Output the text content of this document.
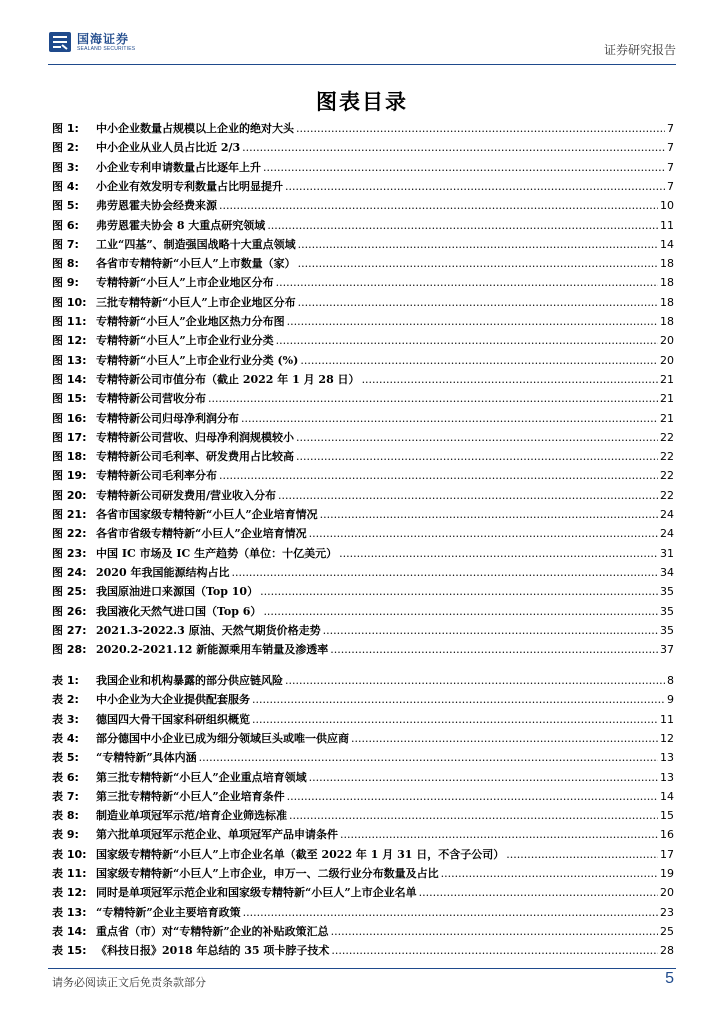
国海证券
SEALAND SECURITIES	证券研究报告
图表目录
图 1:	中小企业数量占规模以上企业的绝对大头 .....	7
图 2:	中小企业从业人员占比近 2/3 .....	7
图 3:	小企业专利申请数量占比逐年上升 .....	7
图 4:	小企业有效发明专利数量占比明显提升 .....	7
图 5:	弗劳恩霍夫协会经费来源 .....	10
图 6:	弗劳恩霍夫协会 8 大重点研究领域 .....	11
图 7:	工业“四基”、制造强国战略十大重点领域 .....	14
图 8:	各省市专精特新“小巨人”上市数量（家） .....	18
图 9:	专精特新“小巨人”上市企业地区分布 .....	18
图 10: 三批专精特新“小巨人”上市企业地区分布 .....	18
图 11: 专精特新“小巨人”企业地区热力分布图 .....	18
图 12: 专精特新“小巨人”上市企业行业分类 .....	20
图 13: 专精特新“小巨人”上市企业行业分类 (%) .....	20
图 14: 专精特新公司市值分布（截止 2022 年 1 月 28 日） .....	21
图 15: 专精特新公司营收分布 .....	21
图 16: 专精特新公司归母净利润分布 .....	21
图 17: 专精特新公司营收、归母净利润规模较小 .....	22
图 18: 专精特新公司毛利率、研发费用占比较高 .....	22
图 19: 专精特新公司毛利率分布 .....	22
图 20: 专精特新公司研发费用/营业收入分布 .....	22
图 21: 各省市国家级专精特新“小巨人”企业培育情况 .....	24
图 22: 各省市省级专精特新“小巨人”企业培育情况 .....	24
图 23: 中国 IC 市场及 IC 生产趋势（单位：十亿美元） .....	31
图 24: 2020 年我国能源结构占比 .....	34
图 25: 我国原油进口来源国（Top 10） .....	35
图 26: 我国液化天然气进口国（Top 6） .....	35
图 27: 2021.3-2022.3 原油、天然气期货价格走势 .....	35
图 28: 2020.2-2021.12 新能源乘用车销量及渗透率 .....	37
表 1:	我国企业和机构暴露的部分供应链风险 .....	8
表 2:	中小企业为大企业提供配套服务 .....	9
表 3:	德国四大骨干国家科研组织概览 .....	11
表 4:	部分德国中小企业已成为细分领域巨头或唯一供应商 .....	12
表 5:	“专精特新”具体内涵 .....	13
表 6:	第三批专精特新“小巨人”企业重点培育领域 .....	13
表 7:	第三批专精特新“小巨人”企业培育条件 .....	14
表 8:	制造业单项冠军示范/培育企业筛选标准 .....	15
表 9:	第六批单项冠军示范企业、单项冠军产品申请条件 .....	16
表 10: 国家级专精特新“小巨人”上市企业名单（截至 2022 年 1 月 31 日，不含子公司） .....	17
表 11: 国家级专精特新“小巨人”上市企业，申万一、二级行业分布数量及占比 .....	19
表 12: 同时是单项冠军示范企业和国家级专精特新“小巨人”上市企业名单 .....	20
表 13: “专精特新”企业主要培育政策 .....	23
表 14: 重点省（市）对“专精特新”企业的补贴政策汇总 .....	25
表 15: 《科技日报》2018 年总结的 35 项卡脖子技术 .....	28
请务必阅读正文后免责条款部分	5
